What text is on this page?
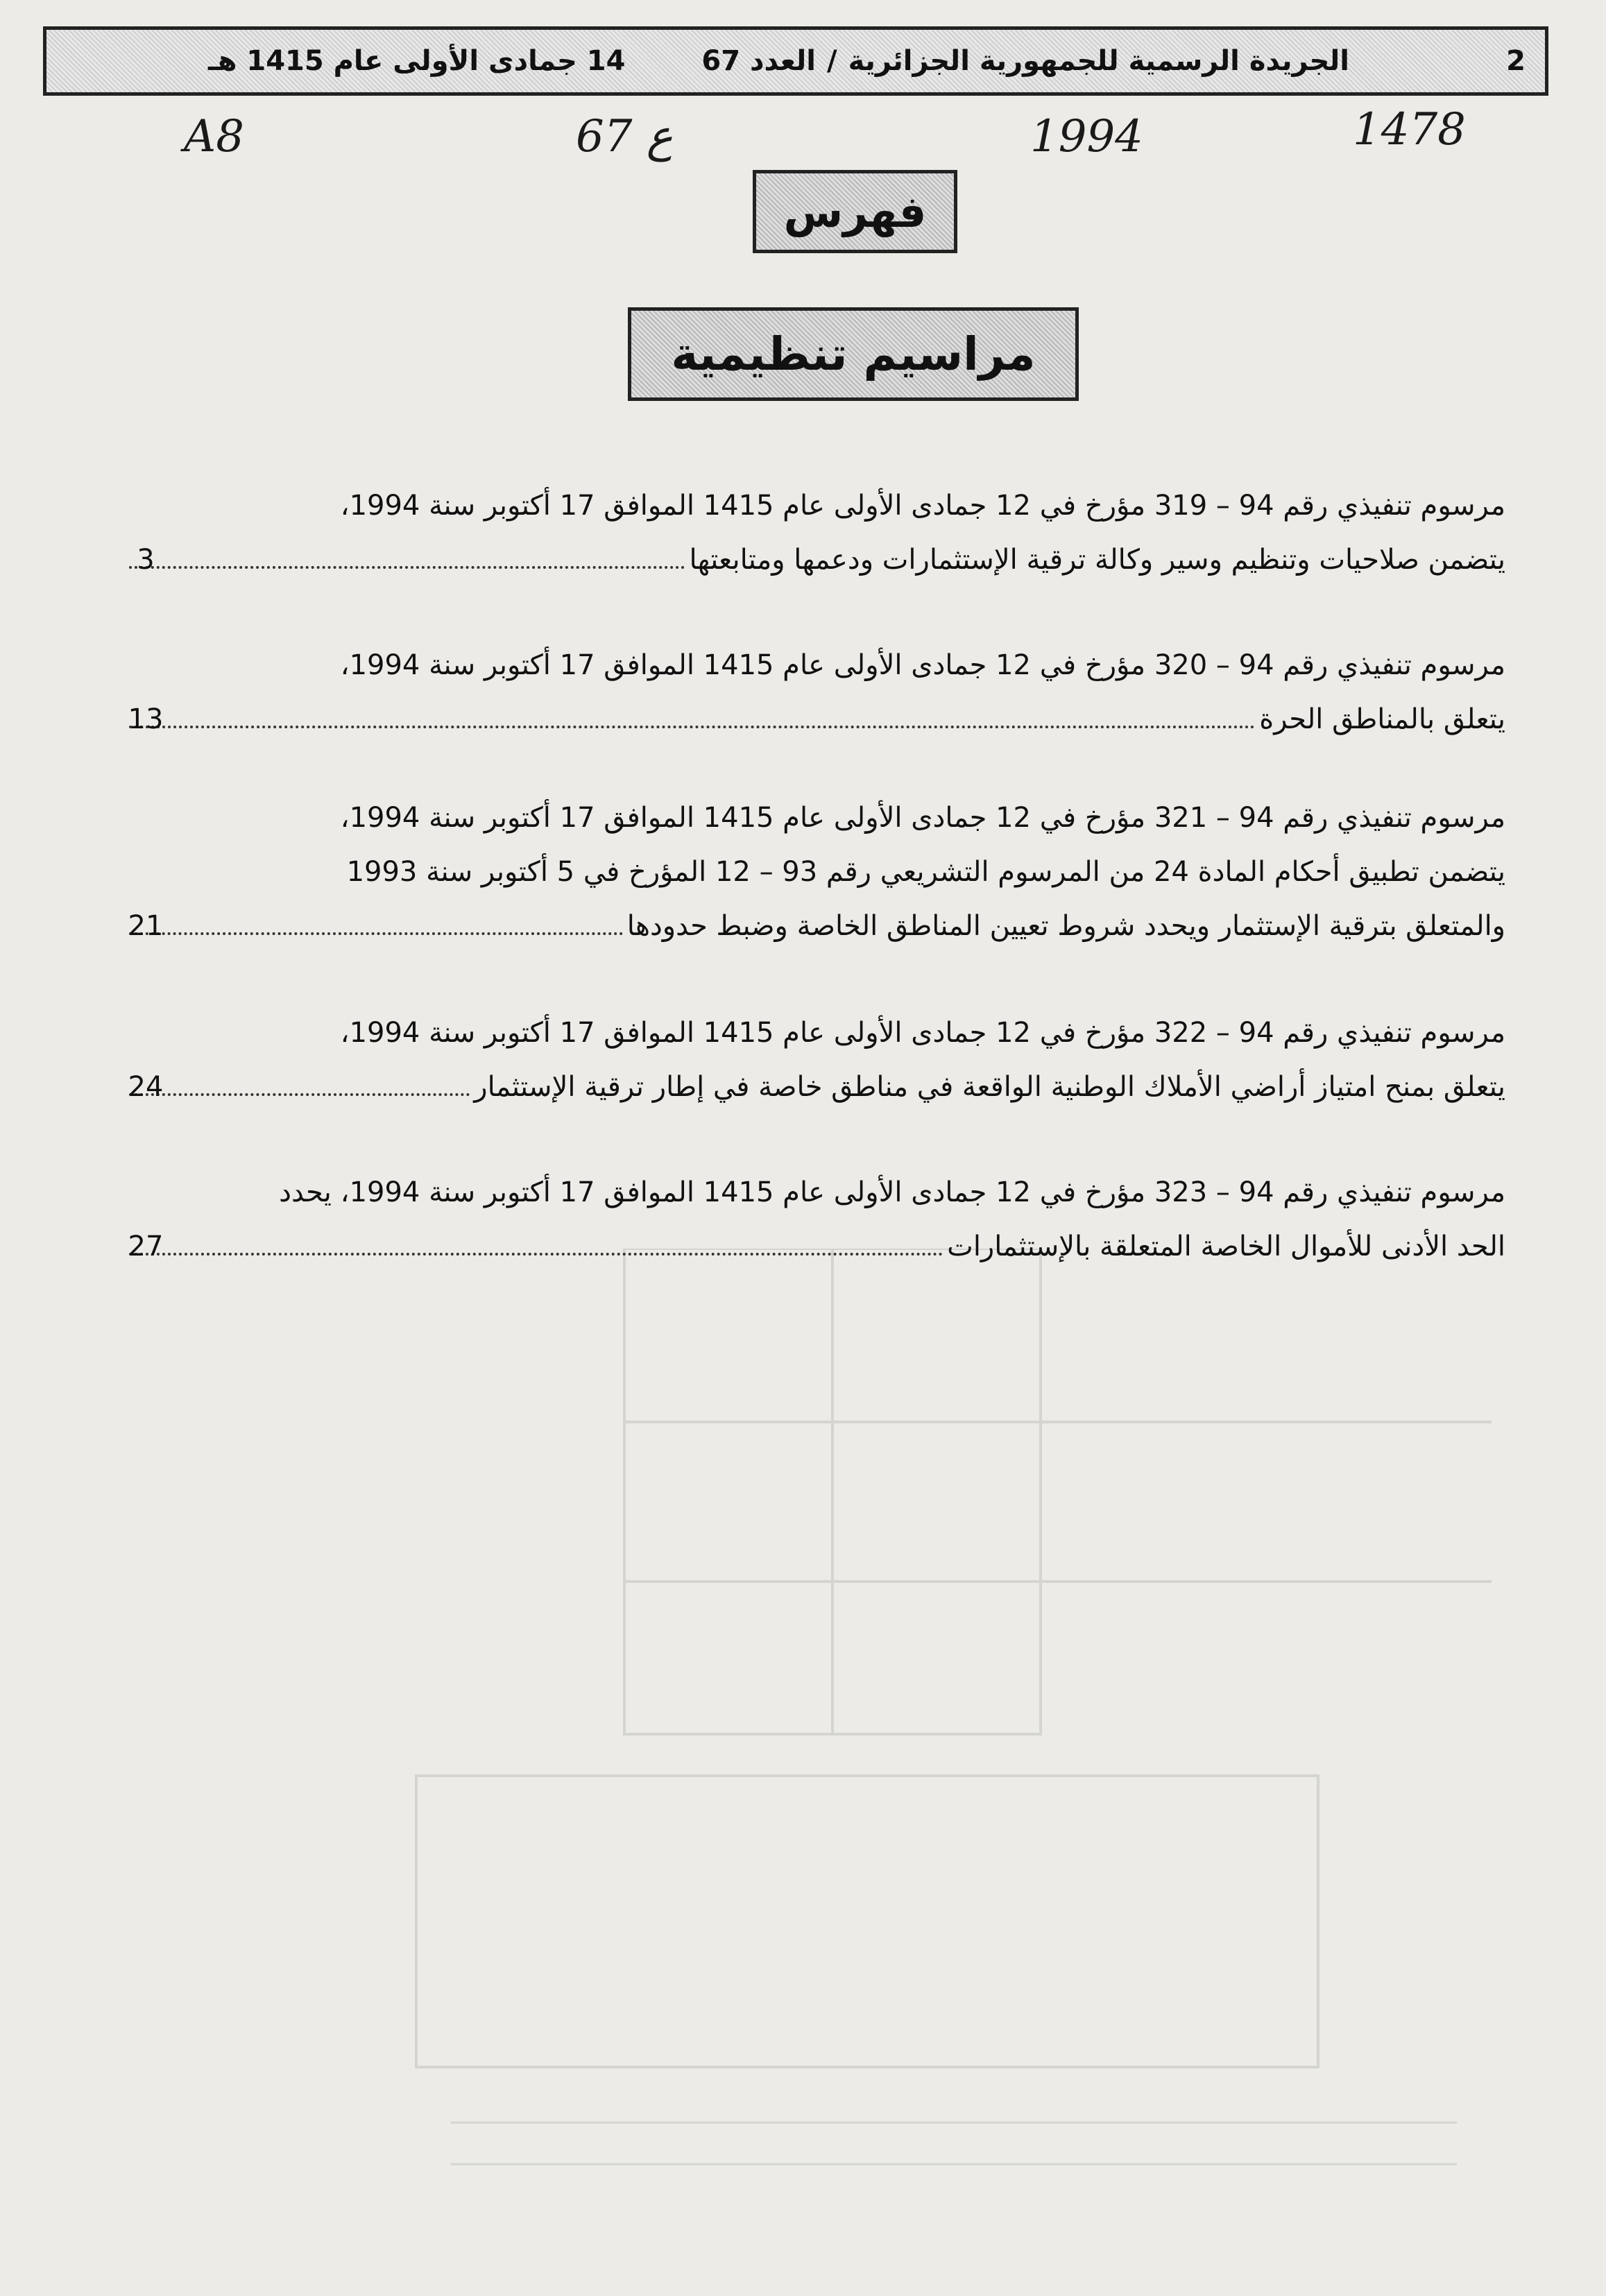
2
الجريدة الرسمية للجمهورية الجزائرية
/
العدد 67
14 جمادى الأولى عام 1415 هـ
A8	67 ع	1994	1478
فهرس
مراسيم تنظيمية
مرسوم تنفيذي رقم 94 – 319 مؤرخ في 12 جمادى الأولى عام 1415 الموافق 17 أكتوبر سنة 1994،
يتضمن صلاحيات وتنظيم وسير وكالة ترقية الإستثمارات ودعمها ومتابعتها
3
مرسوم تنفيذي رقم 94 – 320 مؤرخ في 12 جمادى الأولى عام 1415 الموافق 17 أكتوبر سنة 1994،
يتعلق بالمناطق الحرة
13
مرسوم تنفيذي رقم 94 – 321 مؤرخ في 12 جمادى الأولى عام 1415 الموافق 17 أكتوبر سنة 1994،
يتضمن تطبيق أحكام المادة 24 من المرسوم التشريعي رقم 93 – 12 المؤرخ في 5 أكتوبر سنة 1993
والمتعلق بترقية الإستثمار ويحدد شروط تعيين المناطق الخاصة وضبط حدودها
21
مرسوم تنفيذي رقم 94 – 322 مؤرخ في 12 جمادى الأولى عام 1415 الموافق 17 أكتوبر سنة 1994،
يتعلق بمنح امتياز أراضي الأملاك الوطنية الواقعة في مناطق خاصة في إطار ترقية الإستثمار
24
مرسوم تنفيذي رقم 94 – 323 مؤرخ في 12 جمادى الأولى عام 1415 الموافق 17 أكتوبر سنة 1994، يحدد
الحد الأدنى للأموال الخاصة المتعلقة بالإستثمارات
27
